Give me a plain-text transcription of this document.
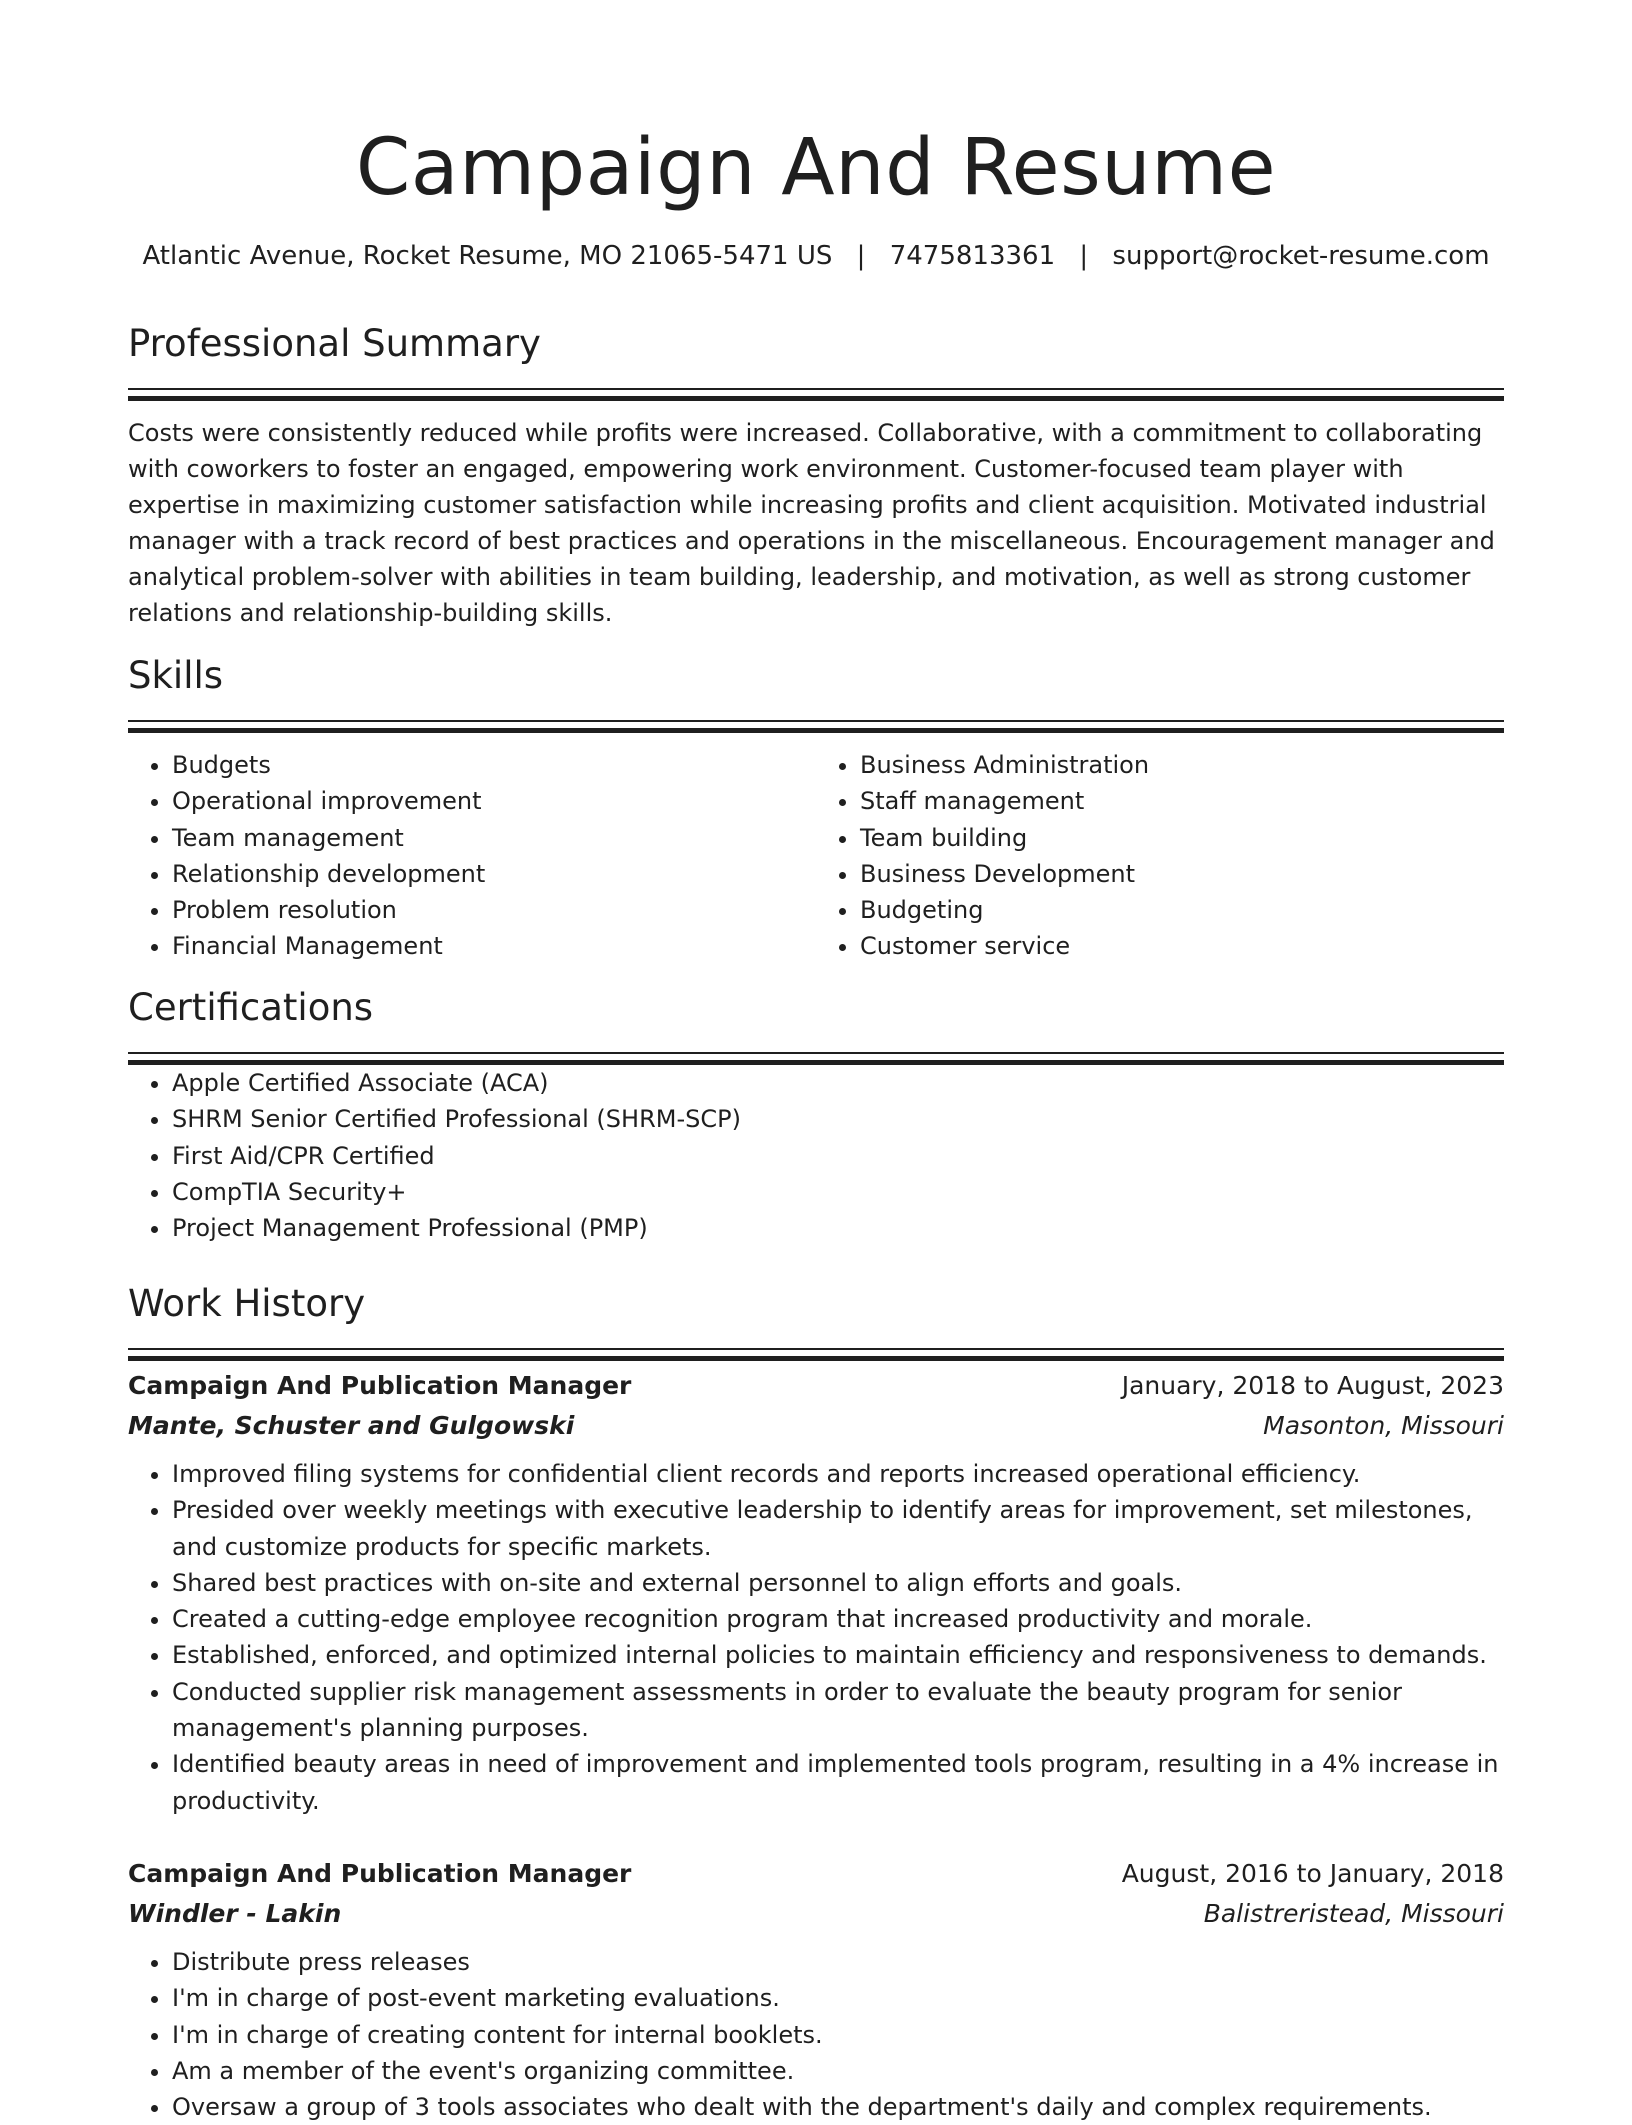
Campaign And Resume
Atlantic Avenue, Rocket Resume, MO 21065-5471 US | 7475813361 | support@rocket-resume.com
Professional Summary

Costs were consistently reduced while profits were increased. Collaborative, with a commitment to collaborating with coworkers to foster an engaged, empowering work environment. Customer-focused team player with expertise in maximizing customer satisfaction while increasing profits and client acquisition. Motivated industrial manager with a track record of best practices and operations in the miscellaneous. Encouragement manager and analytical problem-solver with abilities in team building, leadership, and motivation, as well as strong customer relations and relationship-building skills.

Skills
• Budgets
• Operational improvement
• Team management
• Relationship development
• Problem resolution
• Financial Management
• Business Administration
• Staff management
• Team building
• Business Development
• Budgeting
• Customer service
Certifications
• Apple Certified Associate (ACA)
• SHRM Senior Certified Professional (SHRM-SCP)
• First Aid/CPR Certified
• CompTIA Security+
• Project Management Professional (PMP)
Work History
Campaign And Publication Manager	January, 2018 to August, 2023
Mante, Schuster and Gulgowski	Masonton, Missouri
• Improved filing systems for confidential client records and reports increased operational efficiency.
• Presided over weekly meetings with executive leadership to identify areas for improvement, set milestones, and customize products for specific markets.
• Shared best practices with on-site and external personnel to align efforts and goals.
• Created a cutting-edge employee recognition program that increased productivity and morale.
• Established, enforced, and optimized internal policies to maintain efficiency and responsiveness to demands.
• Conducted supplier risk management assessments in order to evaluate the beauty program for senior management's planning purposes.
• Identified beauty areas in need of improvement and implemented tools program, resulting in a 4% increase in productivity.
Campaign And Publication Manager	August, 2016 to January, 2018
Windler - Lakin	Balistreristead, Missouri
• Distribute press releases
• I'm in charge of post-event marketing evaluations.
• I'm in charge of creating content for internal booklets.
• Am a member of the event's organizing committee.
• Oversaw a group of 3 tools associates who dealt with the department's daily and complex requirements.
